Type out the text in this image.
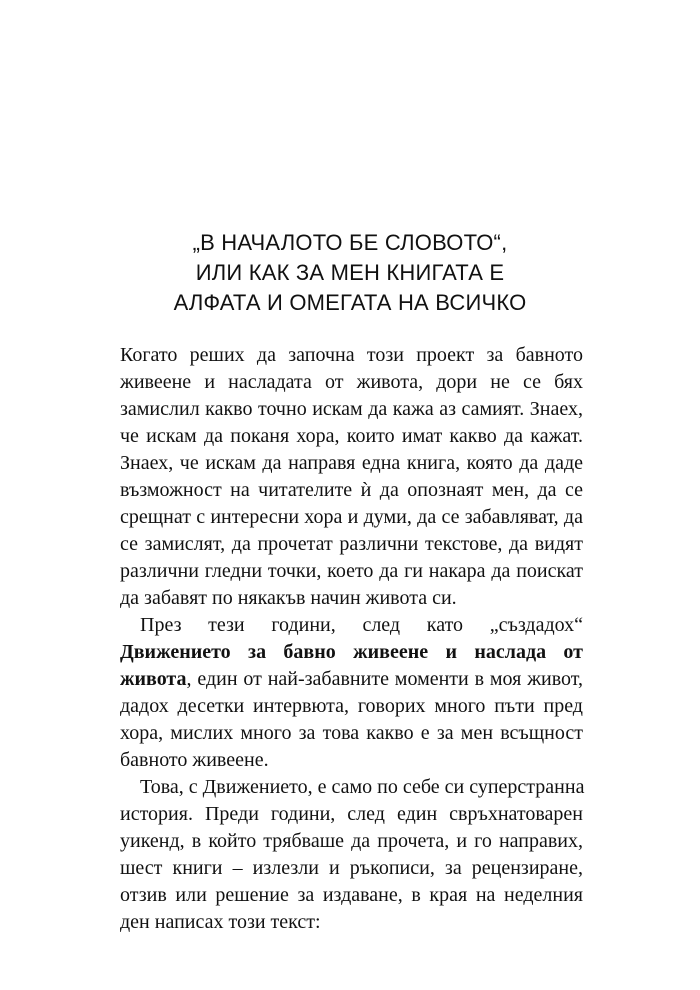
„В НАЧАЛОТО БЕ СЛОВОТО“,
ИЛИ КАК ЗА МЕН КНИГАТА Е
АЛФАТА И ОМЕГАТА НА ВСИЧКО
Когато реших да започна този проект за бавното
живеене и насладата от живота, дори не се бях
замислил какво точно искам да кажа аз самият. Знаех,
че искам да поканя хора, които имат какво да кажат.
Знаех, че искам да направя една книга, която да даде
възможност на читателите ѝ да опознаят мен, да се
срещнат с интересни хора и думи, да се забавляват, да
се замислят, да прочетат различни текстове, да видят
различни гледни точки, което да ги накара да поискат
да забавят по някакъв начин живота си.
През тези години, след като „създадох“
Движението за бавно живеене и наслада от
живота, един от най-забавните моменти в моя живот,
дадох десетки интервюта, говорих много пъти пред
хора, мислих много за това какво е за мен всъщност
бавното живеене.
Това, с Движението, е само по себе си суперстранна
история. Преди години, след един свръхнатоварен
уикенд, в който трябваше да прочета, и го направих,
шест книги – излезли и ръкописи, за рецензиране,
отзив или решение за издаване, в края на неделния
ден написах този текст:
